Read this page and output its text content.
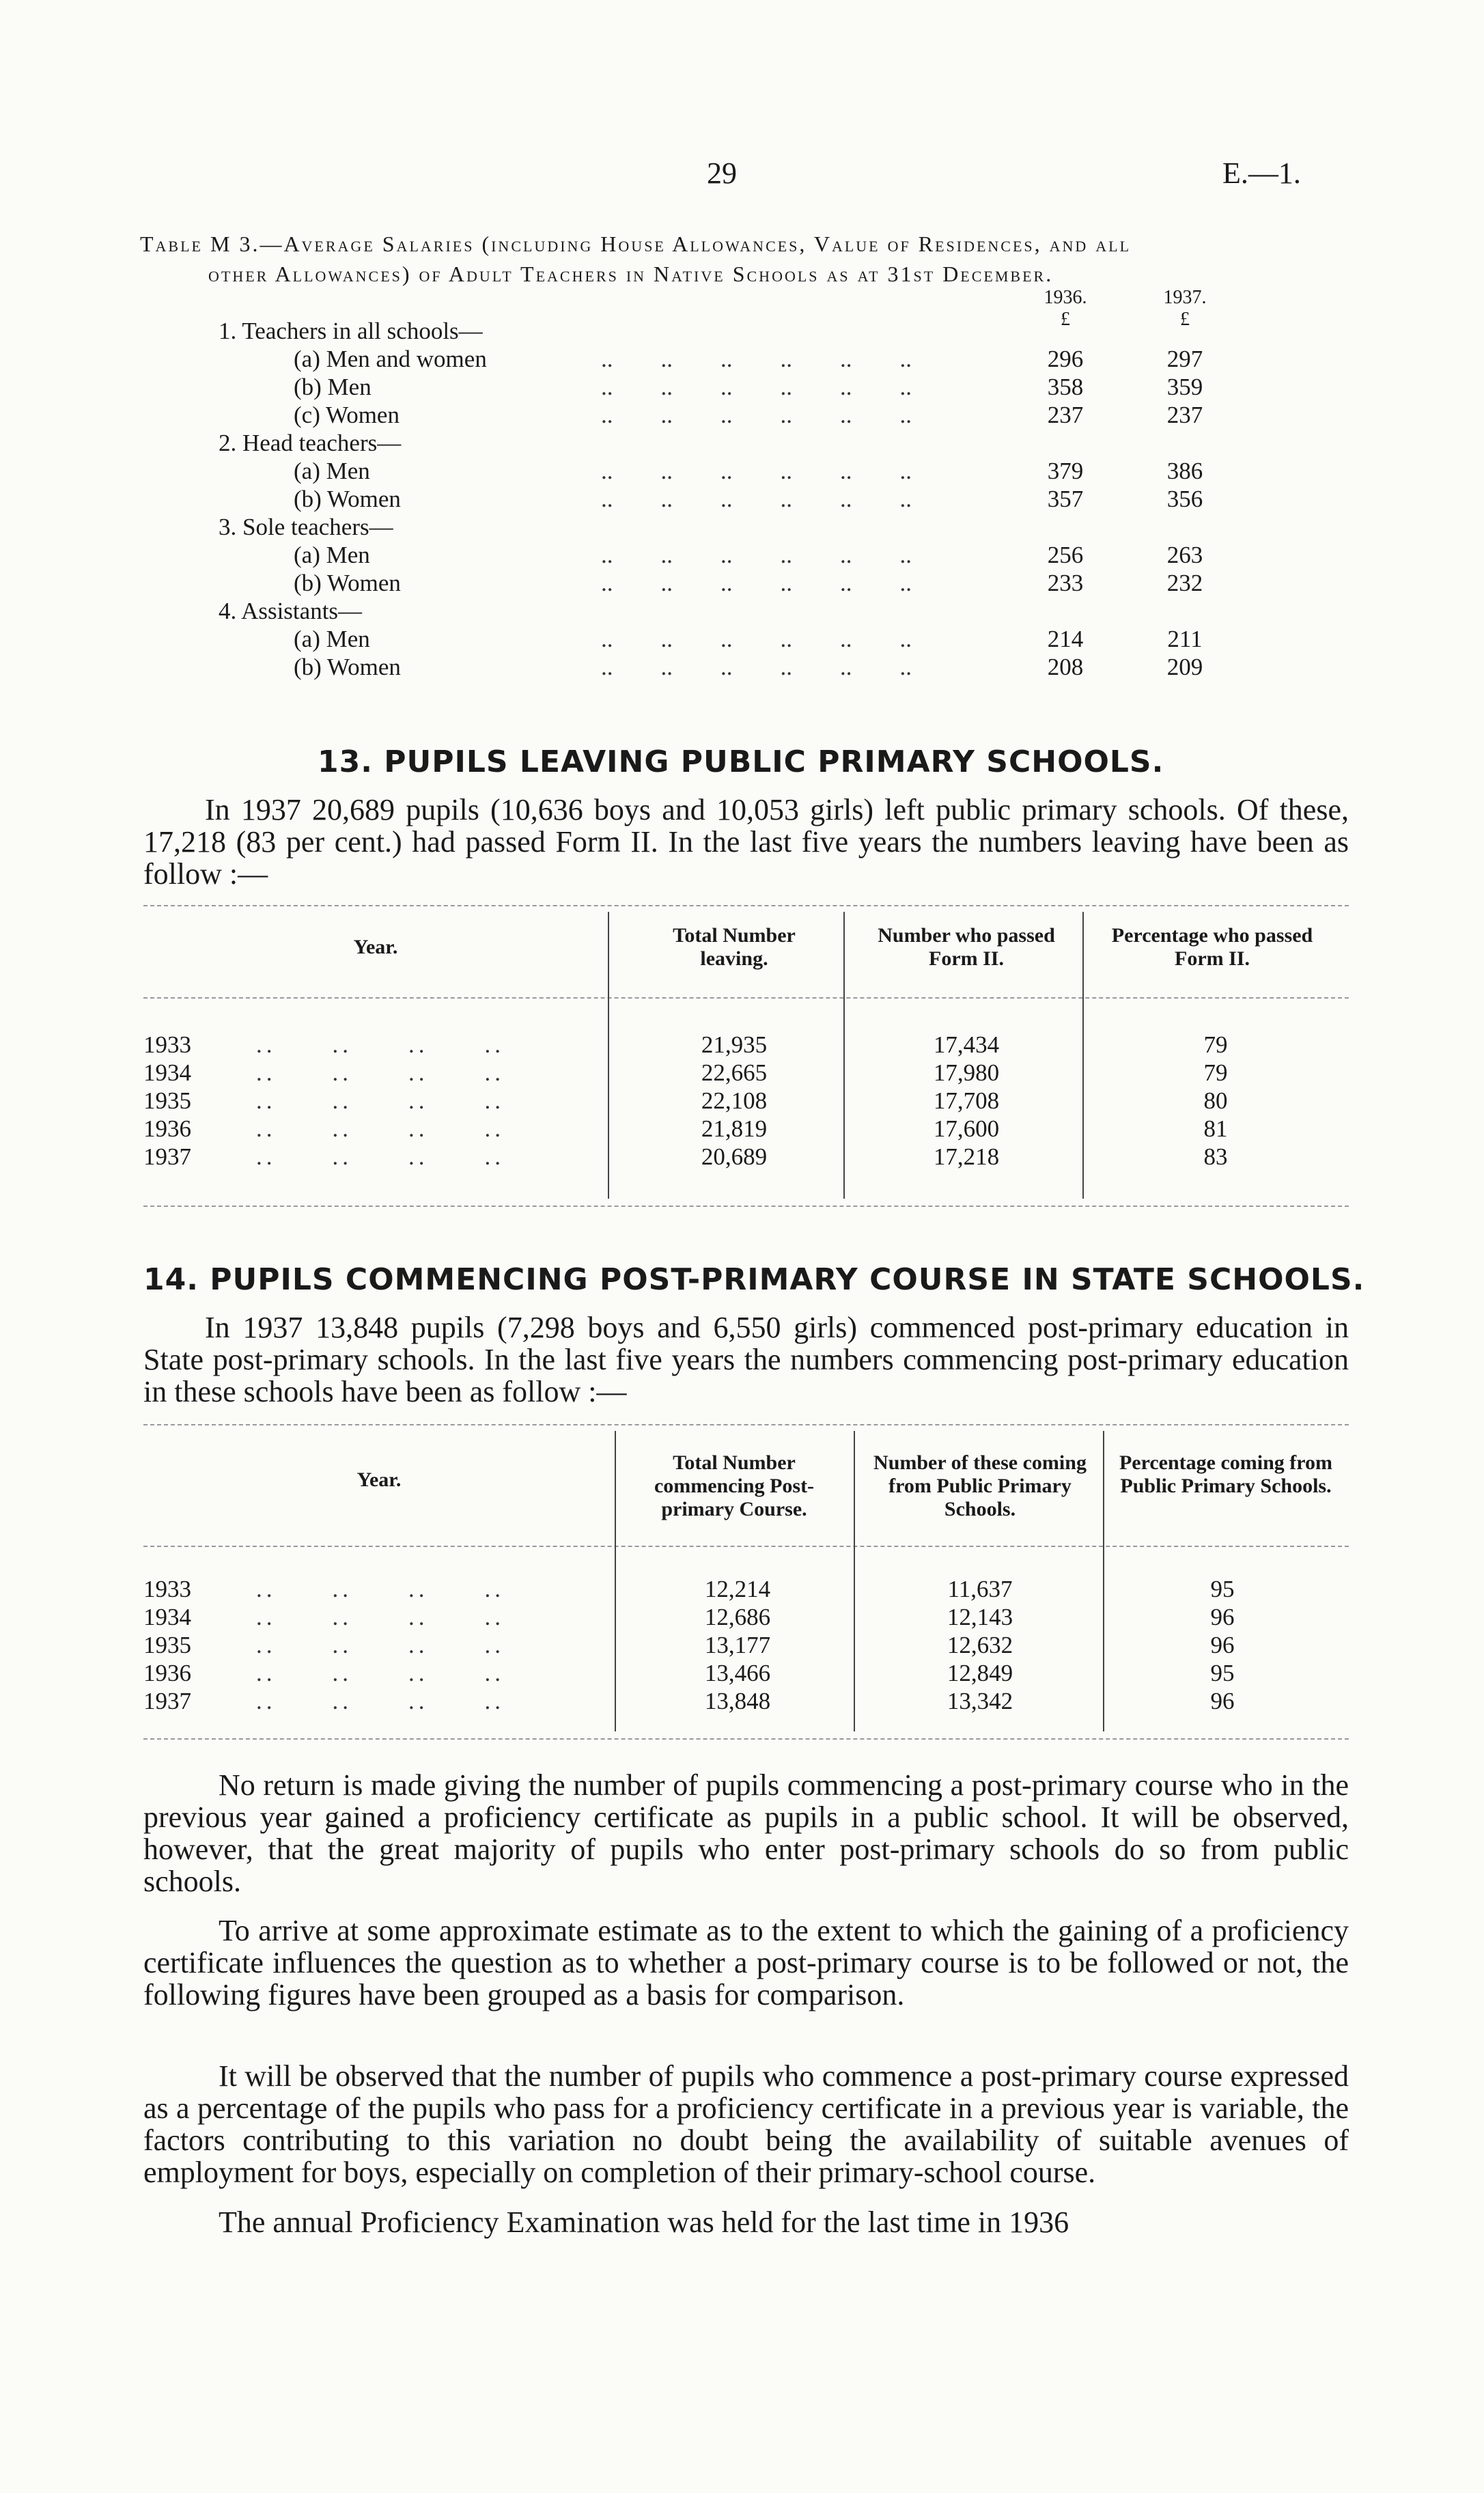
29	E.—1.
Table M 3.—Average Salaries (including House Allowances, Value of Residences, and all
other Allowances) of Adult Teachers in Native Schools as at 31st December.
1936.	1937.
£	£
1. Teachers in all schools—
(a) Men and women	..  ..  ..  ..  ..  ..	296	297
(b) Men	..  ..  ..  ..  ..  ..	358	359
(c) Women	..  ..  ..  ..  ..  ..	237	237
2. Head teachers—
(a) Men	..  ..  ..  ..  ..  ..	379	386
(b) Women	..  ..  ..  ..  ..  ..	357	356
3. Sole teachers—
(a) Men	..  ..  ..  ..  ..  ..	256	263
(b) Women	..  ..  ..  ..  ..  ..	233	232
4. Assistants—
(a) Men	..  ..  ..  ..  ..  ..	214	211
(b) Women	..  ..  ..  ..  ..  ..	208	209
13. PUPILS LEAVING PUBLIC PRIMARY SCHOOLS.
In 1937 20,689 pupils (10,636 boys and 10,053 girls) left public primary schools. Of these, 17,218 (83 per cent.) had passed Form II. In the last five years the numbers leaving have been as follow :—
Year.
Total Number leaving.
Number who passed Form II.
Percentage who passed Form II.
1933	..  ..  ..  ..	21,935	17,434	79
1934	..  ..  ..  ..	22,665	17,980	79
1935	..  ..  ..  ..	22,108	17,708	80
1936	..  ..  ..  ..	21,819	17,600	81
1937	..  ..  ..  ..	20,689	17,218	83
14. PUPILS COMMENCING POST-PRIMARY COURSE IN STATE SCHOOLS.
In 1937 13,848 pupils (7,298 boys and 6,550 girls) commenced post-primary education in State post-primary schools. In the last five years the numbers commencing post-primary education in these schools have been as follow :—
Year.
Total Number commencing Post-primary Course.
Number of these coming from Public Primary Schools.
Percentage coming from Public Primary Schools.
1933	..  ..  ..  ..	12,214	11,637	95
1934	..  ..  ..  ..	12,686	12,143	96
1935	..  ..  ..  ..	13,177	12,632	96
1936	..  ..  ..  ..	13,466	12,849	95
1937	..  ..  ..  ..	13,848	13,342	96
No return is made giving the number of pupils commencing a post-primary course who in the previous year gained a proficiency certificate as pupils in a public school. It will be observed, however, that the great majority of pupils who enter post-primary schools do so from public schools.
To arrive at some approximate estimate as to the extent to which the gaining of a proficiency certificate influences the question as to whether a post-primary course is to be followed or not, the following figures have been grouped as a basis for comparison.
It will be observed that the number of pupils who commence a post-primary course expressed as a percentage of the pupils who pass for a proficiency certificate in a previous year is variable, the factors contributing to this variation no doubt being the availability of suitable avenues of employment for boys, especially on completion of their primary-school course.
The annual Proficiency Examination was held for the last time in 1936
